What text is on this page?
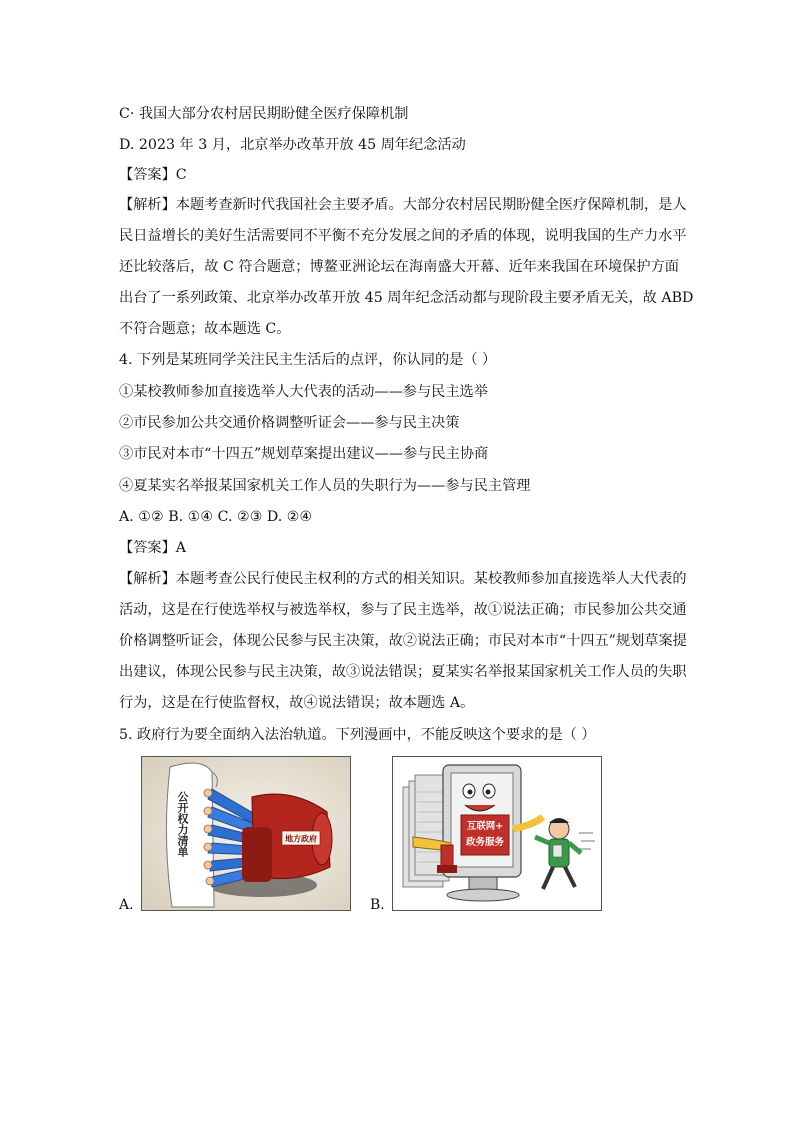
C· 我国大部分农村居民期盼健全医疗保障机制
D. 2023 年 3 月，北京举办改革开放 45 周年纪念活动
【答案】C
【解析】本题考查新时代我国社会主要矛盾。大部分农村居民期盼健全医疗保障机制，是人
民日益增长的美好生活需要同不平衡不充分发展之间的矛盾的体现，说明我国的生产力水平
还比较落后，故 C 符合题意；博鳌亚洲论坛在海南盛大开幕、近年来我国在环境保护方面
出台了一系列政策、北京举办改革开放 45 周年纪念活动都与现阶段主要矛盾无关，故 ABD
不符合题意；故本题选 C。
4. 下列是某班同学关注民主生活后的点评，你认同的是（ ）
①某校教师参加直接选举人大代表的活动——参与民主选举
②市民参加公共交通价格调整听证会——参与民主决策
③市民对本市“十四五”规划草案提出建议——参与民主协商
④夏某实名举报某国家机关工作人员的失职行为——参与民主管理
A. ①② B. ①④ C. ②③ D. ②④
【答案】A
【解析】本题考查公民行使民主权利的方式的相关知识。某校教师参加直接选举人大代表的
活动，这是在行使选举权与被选举权，参与了民主选举，故①说法正确；市民参加公共交通
价格调整听证会，体现公民参与民主决策，故②说法正确；市民对本市“十四五”规划草案提
出建议，体现公民参与民主决策，故③说法错误；夏某实名举报某国家机关工作人员的失职
行为，这是在行使监督权，故④说法错误；故本题选 A。
5. 政府行为要全面纳入法治轨道。下列漫画中，不能反映这个要求的是（ ）
A.
地方政府
公开权力清单
B.
互联网+
政务服务
